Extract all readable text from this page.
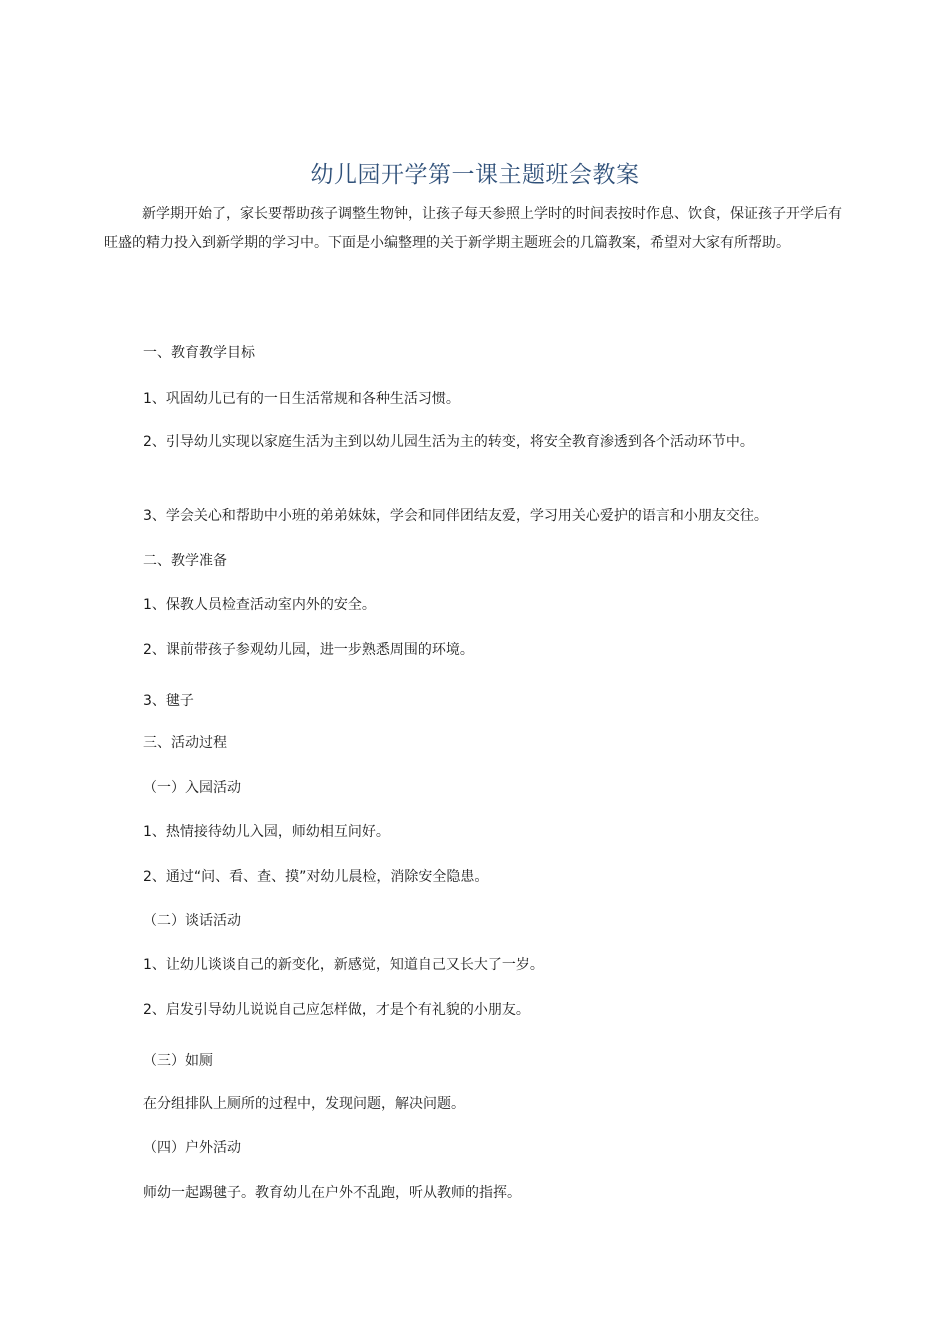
幼儿园开学第一课主题班会教案
新学期开始了，家长要帮助孩子调整生物钟，让孩子每天参照上学时的时间表按时作息、饮食，保证孩子开学后有旺盛的精力投入到新学期的学习中。下面是小编整理的关于新学期主题班会的几篇教案，希望对大家有所帮助。
一、教育教学目标
1、巩固幼儿已有的一日生活常规和各种生活习惯。
2、引导幼儿实现以家庭生活为主到以幼儿园生活为主的转变，将安全教育渗透到各个活动环节中。
3、学会关心和帮助中小班的弟弟妹妹，学会和同伴团结友爱，学习用关心爱护的语言和小朋友交往。
二、教学准备
1、保教人员检查活动室内外的安全。
2、课前带孩子参观幼儿园，进一步熟悉周围的环境。
3、毽子
三、活动过程
（一）入园活动
1、热情接待幼儿入园，师幼相互问好。
2、通过“问、看、查、摸”对幼儿晨检，消除安全隐患。
（二）谈话活动
1、让幼儿谈谈自己的新变化，新感觉，知道自己又长大了一岁。
2、启发引导幼儿说说自己应怎样做，才是个有礼貌的小朋友。
（三）如厕
在分组排队上厕所的过程中，发现问题，解决问题。
（四）户外活动
师幼一起踢毽子。教育幼儿在户外不乱跑，听从教师的指挥。
